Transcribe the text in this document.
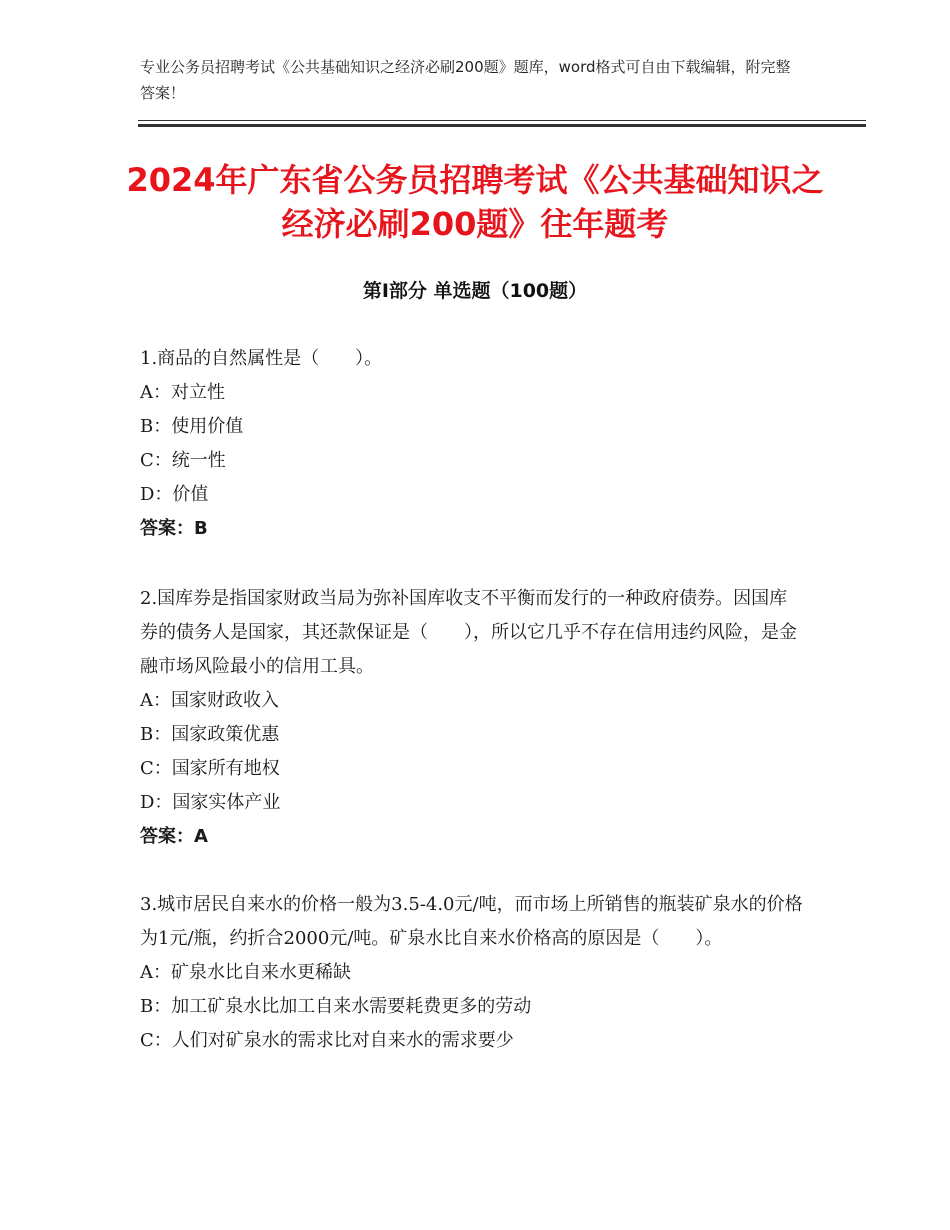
专业公务员招聘考试《公共基础知识之经济必刷200题》题库，word格式可自由下载编辑，附完整答案！
2024年广东省公务员招聘考试《公共基础知识之经济必刷200题》往年题考
第Ⅰ部分 单选题（100题）

1.商品的自然属性是（　　）。

A：对立性

B：使用价值

C：统一性

D：价值

答案：B

2.国库券是指国家财政当局为弥补国库收支不平衡而发行的一种政府债券。因国库券的债务人是国家，其还款保证是（　　），所以它几乎不存在信用违约风险，是金融市场风险最小的信用工具。

A：国家财政收入

B：国家政策优惠

C：国家所有地权

D：国家实体产业

答案：A

3.城市居民自来水的价格一般为3.5-4.0元/吨，而市场上所销售的瓶装矿泉水的价格为1元/瓶，约折合2000元/吨。矿泉水比自来水价格高的原因是（　　）。

A：矿泉水比自来水更稀缺

B：加工矿泉水比加工自来水需要耗费更多的劳动

C：人们对矿泉水的需求比对自来水的需求要少
